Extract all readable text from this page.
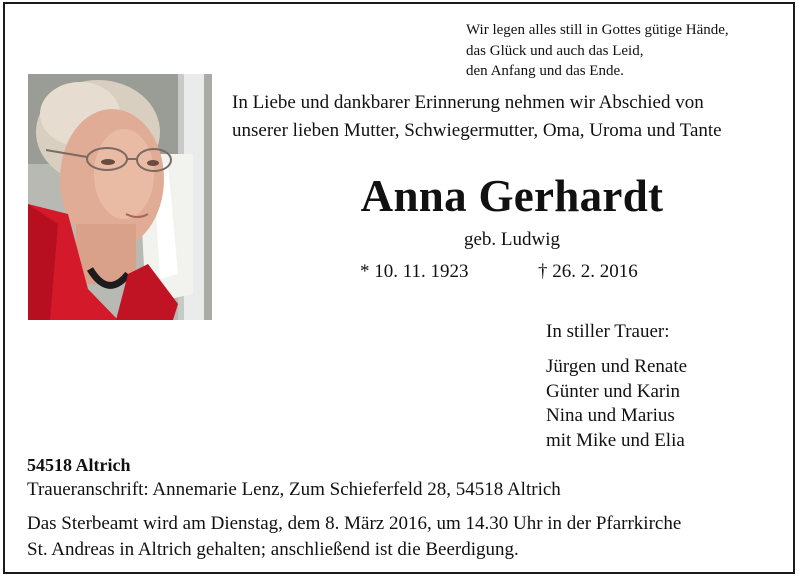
Wir legen alles still in Gottes gütige Hände,
das Glück und auch das Leid,
den Anfang und das Ende.
In Liebe und dankbarer Erinnerung nehmen wir Abschied von
unserer lieben Mutter, Schwiegermutter, Oma, Uroma und Tante
Anna Gerhardt
geb. Ludwig
* 10. 11. 1923	† 26. 2. 2016
In stiller Trauer:
Jürgen und Renate
Günter und Karin
Nina und Marius
mit Mike und Elia
54518 Altrich
Traueranschrift: Annemarie Lenz, Zum Schieferfeld 28, 54518 Altrich
Das Sterbeamt wird am Dienstag, dem 8. März 2016, um 14.30 Uhr in der Pfarrkirche
St. Andreas in Altrich gehalten; anschließend ist die Beerdigung.
